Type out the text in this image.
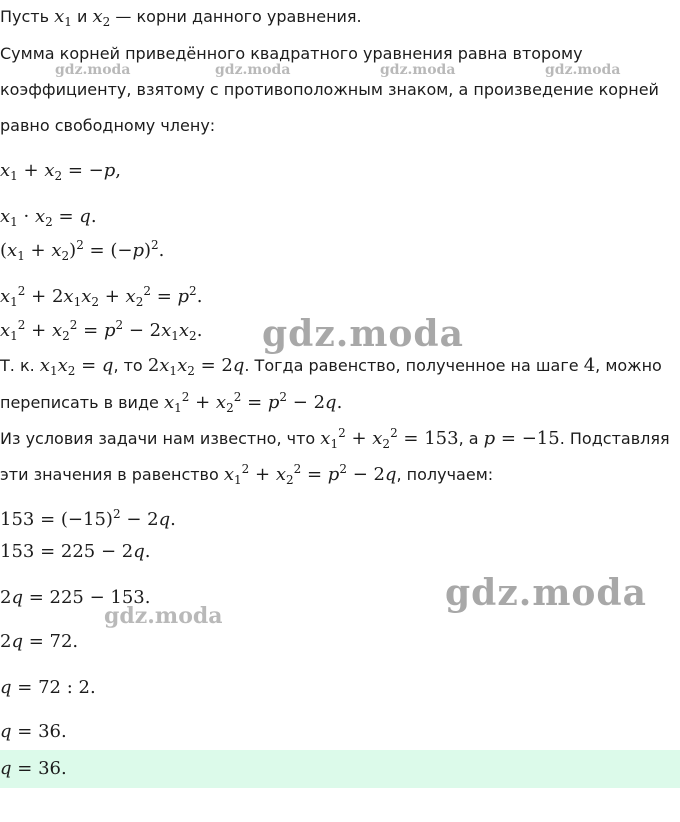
gdz.moda	gdz.moda	gdz.moda	gdz.moda
gdz.moda
gdz.moda
gdz.moda
Пусть $x_1$ и $x_2$ — корни данного уравнения.
Сумма корней приведённого квадратного уравнения равна второму
коэффициенту, взятому с противоположным знаком, а произведение корней
равно свободному члену:
$x_1 + x_2 = -p$,
$x_1 \cdot x_2 = q$.
$(x_1 + x_2)^2 = (-p)^2$.
$x_1^2 + 2x_1x_2 + x_2^2 = p^2$.
$x_1^2 + x_2^2 = p^2 - 2x_1x_2$.
Т. к. $x_1x_2 = q$, то $2x_1x_2 = 2q$. Тогда равенство, полученное на шаге 4, можно
переписать в виде $x_1^2 + x_2^2 = p^2 - 2q$.
Из условия задачи нам известно, что $x_1^2 + x_2^2 = 153$, а p = −15. Подставляя
эти значения в равенство $x_1^2 + x_2^2 = p^2 - 2q$, получаем:
$153 = (-15)^2 - 2q$.
153 = 225 − 2q.
2q = 225 − 153.
2q = 72.
q = 72 : 2.
q = 36.
q = 36.
